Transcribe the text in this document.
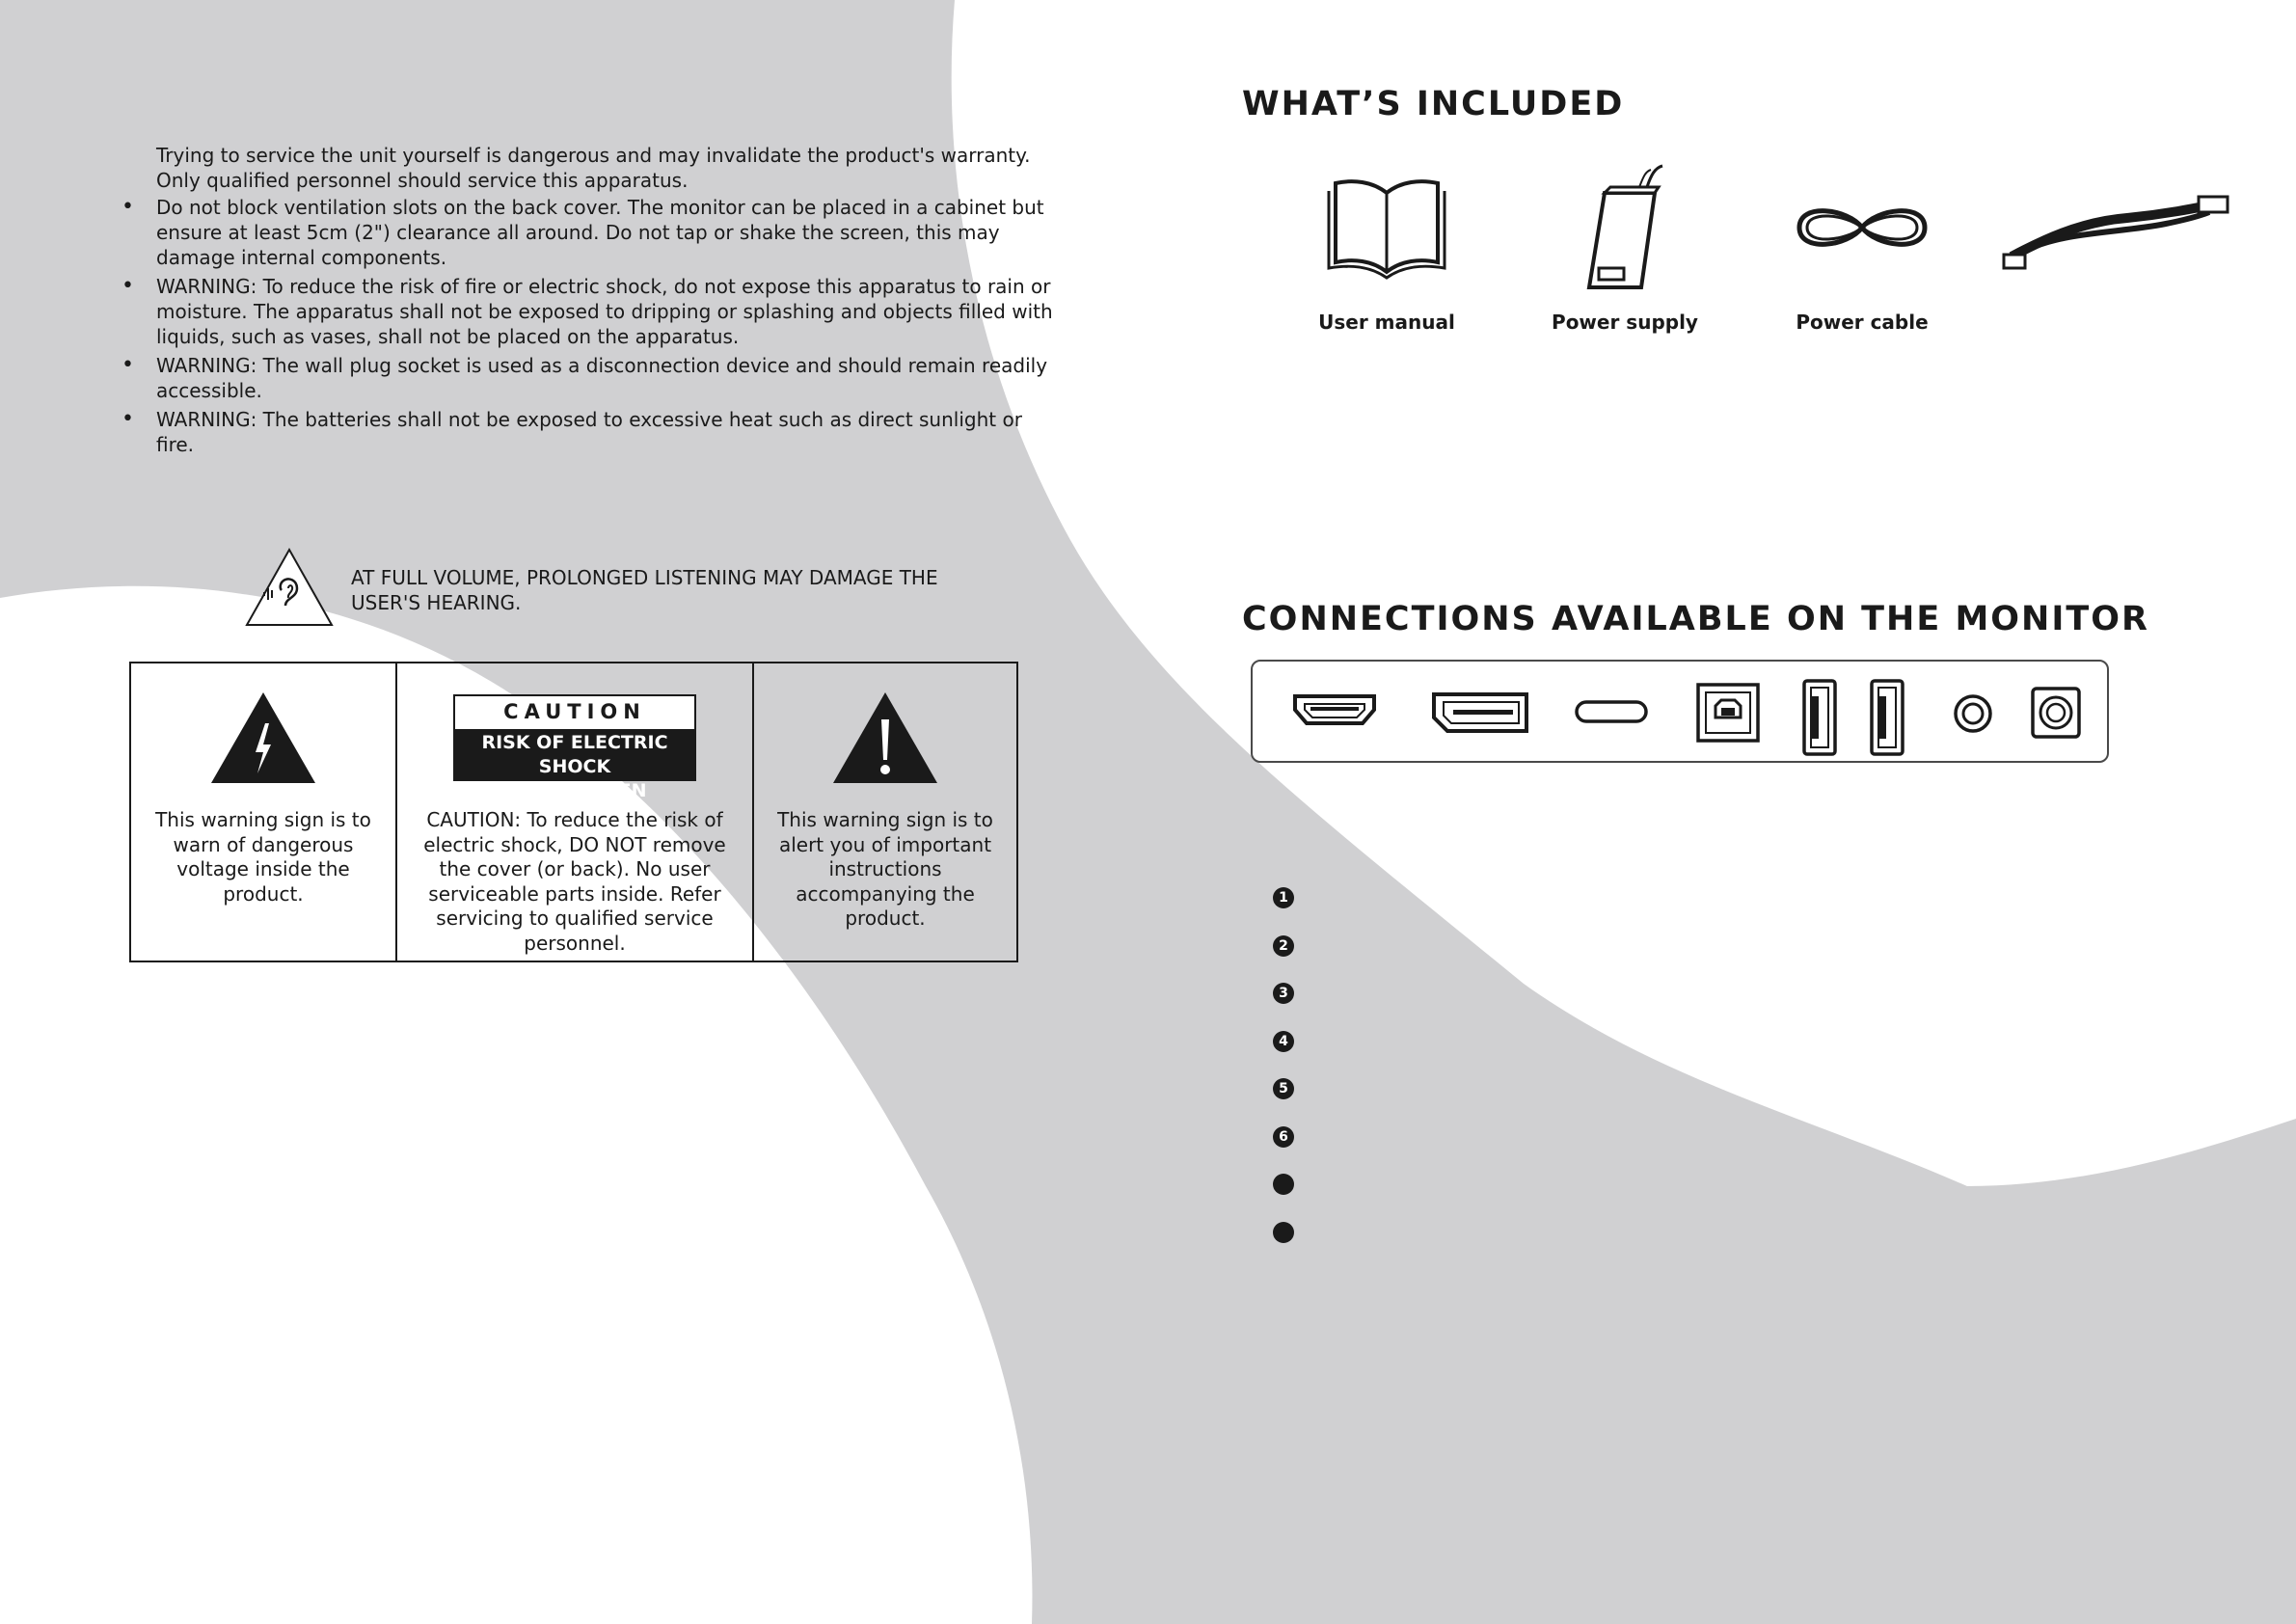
Trying to service the unit yourself is dangerous and may invalidate the product's warranty.
Only qualified personnel should service this apparatus.
• Do not block ventilation slots on the back cover. The monitor can be placed in a cabinet but ensure at least 5cm (2") clearance all around. Do not tap or shake the screen, this may damage internal components.
• WARNING: To reduce the risk of fire or electric shock, do not expose this apparatus to rain or moisture. The apparatus shall not be exposed to dripping or splashing and objects filled with liquids, such as vases, shall not be placed on the apparatus.
• WARNING: The wall plug socket is used as a disconnection device and should remain readily accessible.
• WARNING: The batteries shall not be exposed to excessive heat such as direct sunlight or fire.
AT FULL VOLUME, PROLONGED LISTENING MAY DAMAGE THE USER'S HEARING.
This warning sign is to warn of dangerous voltage inside the product.
CAUTION
RISK OF ELECTRIC SHOCK
DO NOT OPEN
CAUTION: To reduce the risk of electric shock, DO NOT remove the cover (or back). No user serviceable parts inside. Refer servicing to qualified service personnel.
This warning sign is to alert you of important instructions accompanying the product.
WHAT’S INCLUDED
User manual	Power supply	Power cable
CONNECTIONS AVAILABLE ON THE MONITOR
1
2
3
4
5
6
